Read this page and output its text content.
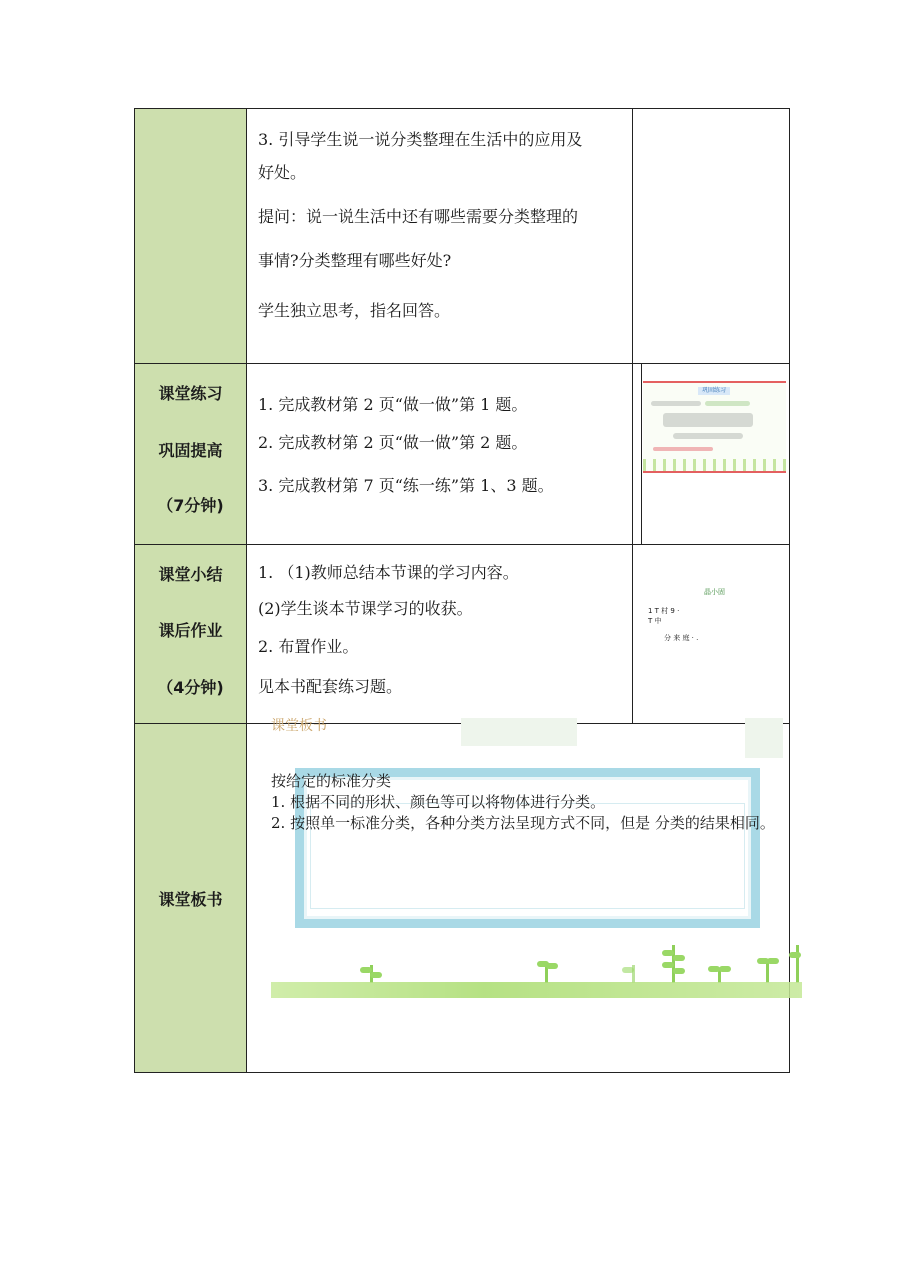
3. 引导学生说一说分类整理在生活中的应用及
好处。
提问：说一说生活中还有哪些需要分类整理的
事情?分类整理有哪些好处?
学生独立思考，指名回答。
课堂练习
巩固提高
（7分钟)
1. 完成教材第 2 页“做一做”第 1 题。
2. 完成教材第 2 页“做一做”第 2 题。
3. 完成教材第 7 页“练一练”第 1、3 题。
巩固练习
课堂小结
课后作业
（4分钟)
1. （1)教师总结本节课的学习内容。
(2)学生谈本节课学习的收获。
2. 布置作业。
见本书配套练习题。
晶小固
1 T 村 9 ·
T 中
分 来 庭 · .
课堂板书
课堂板书
按给定的标准分类
1. 根据不同的形状、颜色等可以将物体进行分类。
2. 按照单一标准分类，各种分类方法呈现方式不同，但是 分类的结果相同。
